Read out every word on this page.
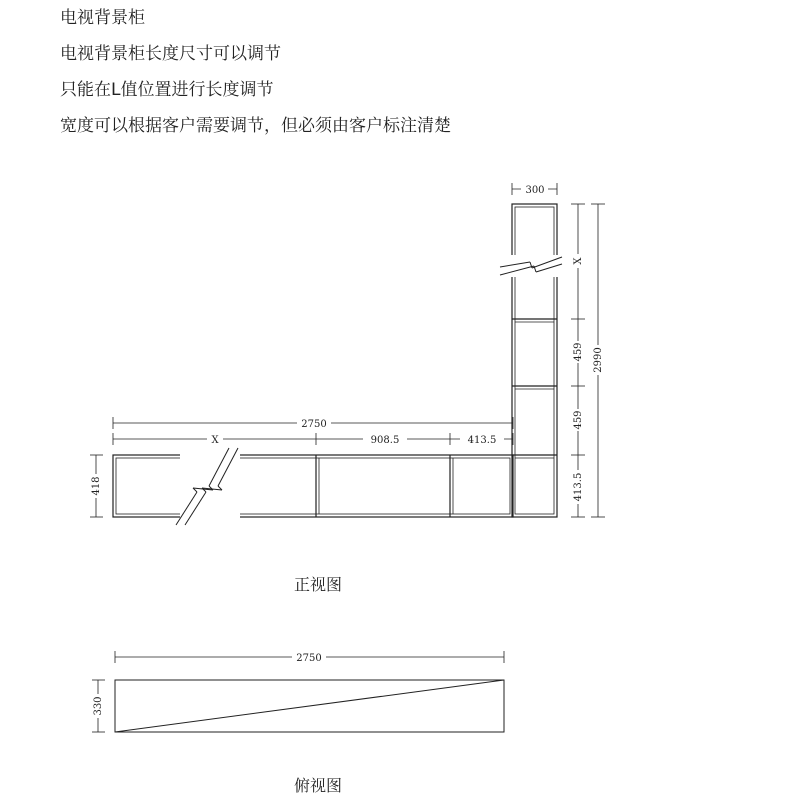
电视背景柜
电视背景柜长度尺寸可以调节
只能在L值位置进行长度调节
宽度可以根据客户需要调节，但必须由客户标注清楚
2750
X	908.5	413.5
418
300
X
459
459
413.5
2990
正视图
2750
330
俯视图
